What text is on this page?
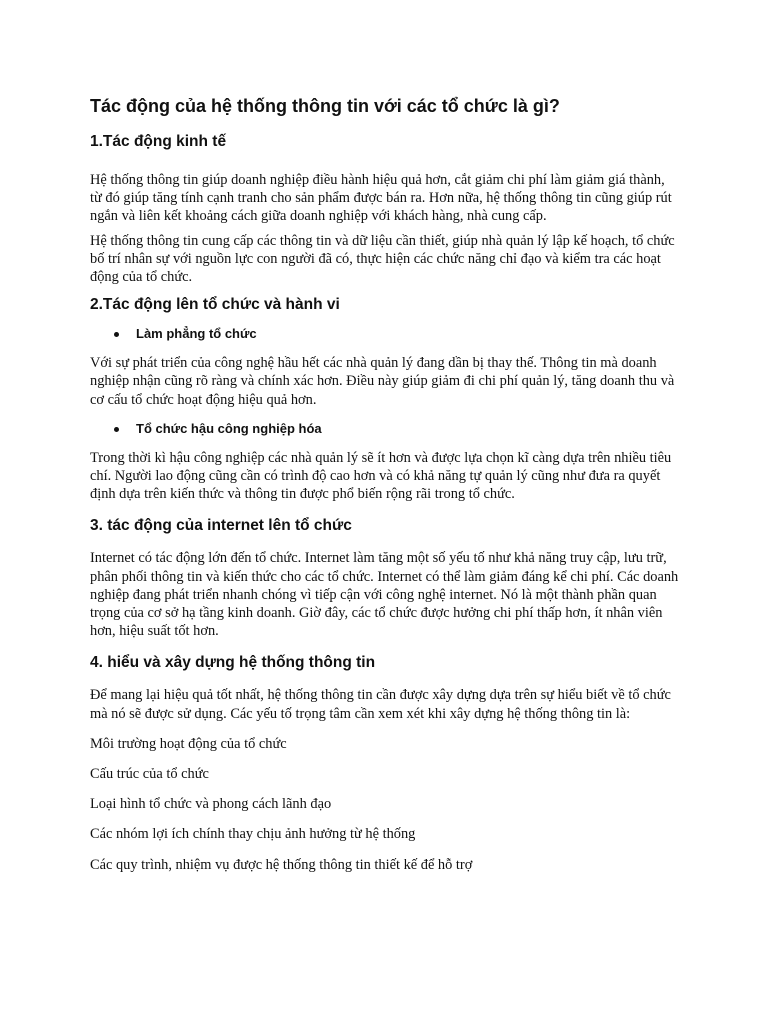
Tác động của hệ thống thông tin với các tổ chức là gì?
1.Tác động kinh tế

Hệ thống thông tin giúp doanh nghiệp điều hành hiệu quả hơn, cắt giảm chi phí làm giảm giá thành, từ đó giúp tăng tính cạnh tranh cho sản phẩm được bán ra. Hơn nữa, hệ thống thông tin cũng giúp rút ngắn và liên kết khoảng cách giữa doanh nghiệp với khách hàng, nhà cung cấp.

Hệ thống thông tin cung cấp các thông tin và dữ liệu cần thiết, giúp nhà quản lý lập kế hoạch, tổ chức bố trí nhân sự với nguồn lực con người đã có, thực hiện các chức năng chỉ đạo và kiểm tra các hoạt động của tổ chức.

2.Tác động lên tổ chức và hành vi

Làm phẳng tổ chức

Với sự phát triển của công nghệ hầu hết các nhà quản lý đang dần bị thay thế. Thông tin mà doanh nghiệp nhận cũng rõ ràng và chính xác hơn. Điều này giúp giảm đi chi phí quản lý, tăng doanh thu và cơ cấu tổ chức hoạt động hiệu quả hơn.

Tổ chức hậu công nghiệp hóa

Trong thời kì hậu công nghiệp các nhà quản lý sẽ ít hơn và được lựa chọn kĩ càng dựa trên nhiều tiêu chí. Người lao động cũng cần có trình độ cao hơn và có khả năng tự quản lý cũng như đưa ra quyết định dựa trên kiến thức và thông tin được phổ biến rộng rãi trong tổ chức.

3. tác động của internet lên tổ chức

Internet có tác động lớn đến tổ chức. Internet làm tăng một số yếu tố như khả năng truy cập, lưu trữ, phân phối thông tin và kiến thức cho các tổ chức. Internet có thể làm giảm đáng kể chi phí. Các doanh nghiệp đang phát triển nhanh chóng vì tiếp cận với công nghệ internet. Nó là một thành phần quan trọng của cơ sở hạ tầng kinh doanh. Giờ đây, các tổ chức được hưởng chi phí thấp hơn, ít nhân viên hơn, hiệu suất tốt hơn.

4. hiểu và xây dựng hệ thống thông tin

Để mang lại hiệu quả tốt nhất, hệ thống thông tin cần được xây dựng dựa trên sự hiểu biết về tổ chức mà nó sẽ được sử dụng. Các yếu tố trọng tâm cần xem xét khi xây dựng hệ thống thông tin là:

Môi trường hoạt động của tổ chức

Cấu trúc của tổ chức

Loại hình tổ chức và phong cách lãnh đạo

Các nhóm lợi ích chính thay chịu ảnh hưởng từ hệ thống

Các quy trình, nhiệm vụ được hệ thống thông tin thiết kế để hỗ trợ
